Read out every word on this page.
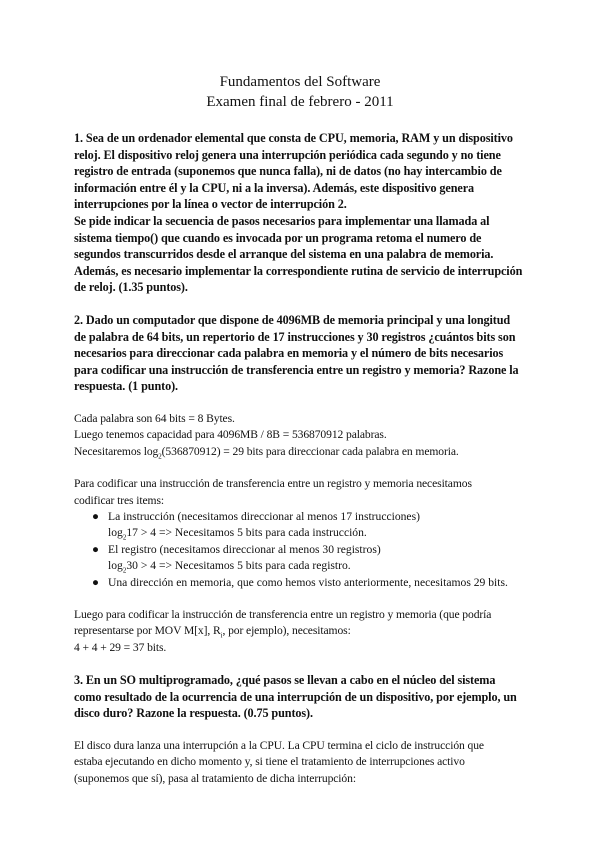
Fundamentos del Software
Examen final de febrero - 2011

1. Sea de un ordenador elemental que consta de CPU, memoria, RAM y un dispositivo

reloj. El dispositivo reloj genera una interrupción periódica cada segundo y no tiene

registro de entrada (suponemos que nunca falla), ni de datos (no hay intercambio de

información entre él y la CPU, ni a la inversa). Además, este dispositivo genera

interrupciones por la línea o vector de interrupción 2.

Se pide indicar la secuencia de pasos necesarios para implementar una llamada al

sistema tiempo() que cuando es invocada por un programa retoma el numero de

segundos transcurridos desde el arranque del sistema en una palabra de memoria.

Además, es necesario implementar la correspondiente rutina de servicio de interrupción

de reloj. (1.35 puntos).

2. Dado un computador que dispone de 4096MB de memoria principal y una longitud

de palabra de 64 bits, un repertorio de 17 instrucciones y 30 registros ¿cuántos bits son

necesarios para direccionar cada palabra en memoria y el número de bits necesarios

para codificar una instrucción de transferencia entre un registro y memoria? Razone la

respuesta. (1 punto).

Cada palabra son 64 bits = 8 Bytes.

Luego tenemos capacidad para 4096MB / 8B = 536870912 palabras.

Necesitaremos $\log_2(536870912) = 29$ bits para direccionar cada palabra en memoria.

Para codificar una instrucción de transferencia entre un registro y memoria necesitamos

codificar tres items:

● La instrucción (necesitamos direccionar al menos 17 instrucciones)
$\log_217 > 4$ => Necesitamos 5 bits para cada instrucción.
● El registro (necesitamos direccionar al menos 30 registros)
$\log_230 > 4$ => Necesitamos 5 bits para cada registro.
● Una dirección en memoria, que como hemos visto anteriormente, necesitamos 29 bits.

Luego para codificar la instrucción de transferencia entre un registro y memoria (que podría

representarse por MOV M[x], $R_i$, por ejemplo), necesitamos:

4 + 4 + 29 = 37 bits.

3. En un SO multiprogramado, ¿qué pasos se llevan a cabo en el núcleo del sistema

como resultado de la ocurrencia de una interrupción de un dispositivo, por ejemplo, un

disco duro? Razone la respuesta. (0.75 puntos).

El disco dura lanza una interrupción a la CPU. La CPU termina el ciclo de instrucción que

estaba ejecutando en dicho momento y, si tiene el tratamiento de interrupciones activo

(suponemos que sí), pasa al tratamiento de dicha interrupción:
